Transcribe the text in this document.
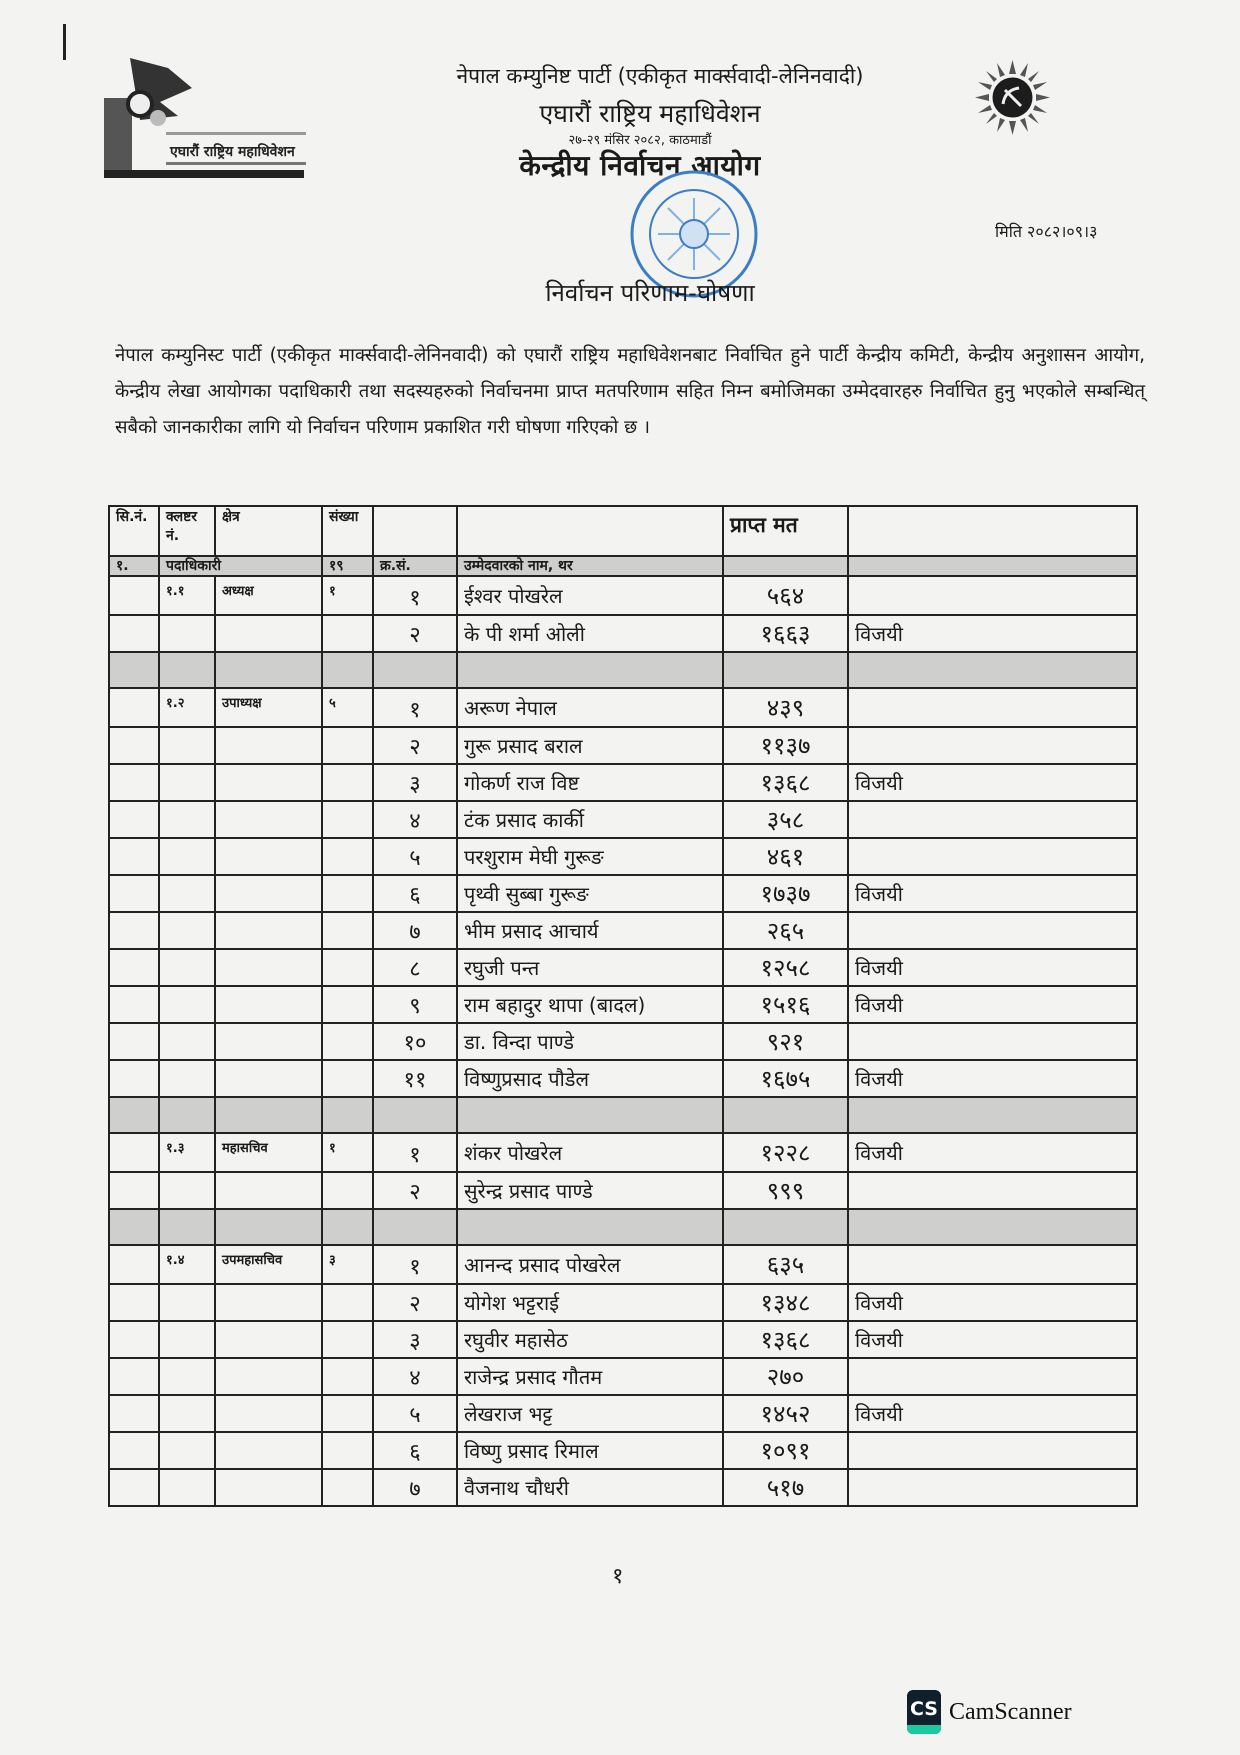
एघारौं राष्ट्रिय महाधिवेशन
नेपाल कम्युनिष्ट पार्टी (एकीकृत मार्क्सवादी-लेनिनवादी)
एघारौं राष्ट्रिय महाधिवेशन
२७-२९ मंसिर २०८२, काठमाडौं
केन्द्रीय निर्वाचन आयोग
मिति २०८२।०९।३
निर्वाचन परिणाम-घोषणा
नेपाल कम्युनिस्ट पार्टी (एकीकृत मार्क्सवादी-लेनिनवादी) को एघारौं राष्ट्रिय महाधिवेशनबाट निर्वाचित हुने पार्टी केन्द्रीय कमिटी, केन्द्रीय अनुशासन आयोग, केन्द्रीय लेखा आयोगका पदाधिकारी तथा सदस्यहरुको निर्वाचनमा प्राप्त मतपरिणाम सहित निम्न बमोजिमका उम्मेदवारहरु निर्वाचित हुनु भएकोले सम्बन्धित् सबैको जानकारीका लागि यो निर्वाचन परिणाम प्रकाशित गरी घोषणा गरिएको छ ।
सि.नं.	क्लष्टर नं.	क्षेत्र	संख्या			प्राप्त मत	
१.	पदाधिकारी		१९	क्र.सं.	उम्मेदवारको नाम, थर		
	१.१	अध्यक्ष	१	१	ईश्वर पोखरेल	५६४	
				२	के पी शर्मा ओली	१६६३	विजयी

	१.२	उपाध्यक्ष	५	१	अरूण नेपाल	४३९	
				२	गुरू प्रसाद बराल	११३७	
				३	गोकर्ण राज विष्ट	१३६८	विजयी
				४	टंक प्रसाद कार्की	३५८	
				५	परशुराम मेघी गुरूङ	४६१	
				६	पृथ्वी सुब्बा गुरूङ	१७३७	विजयी
				७	भीम प्रसाद आचार्य	२६५	
				८	रघुजी पन्त	१२५८	विजयी
				९	राम बहादुर थापा (बादल)	१५१६	विजयी
				१०	डा. विन्दा पाण्डे	९२१	
				११	विष्णुप्रसाद पौडेल	१६७५	विजयी

	१.३	महासचिव	१	१	शंकर पोखरेल	१२२८	विजयी
				२	सुरेन्द्र प्रसाद पाण्डे	९९९	

	१.४	उपमहासचिव	३	१	आनन्द प्रसाद पोखरेल	६३५	
				२	योगेश भट्टराई	१३४८	विजयी
				३	रघुवीर महासेठ	१३६८	विजयी
				४	राजेन्द्र प्रसाद गौतम	२७०	
				५	लेखराज भट्ट	१४५२	विजयी
				६	विष्णु प्रसाद रिमाल	१०९१	
				७	वैजनाथ चौधरी	५१७	
१
CS CamScanner
